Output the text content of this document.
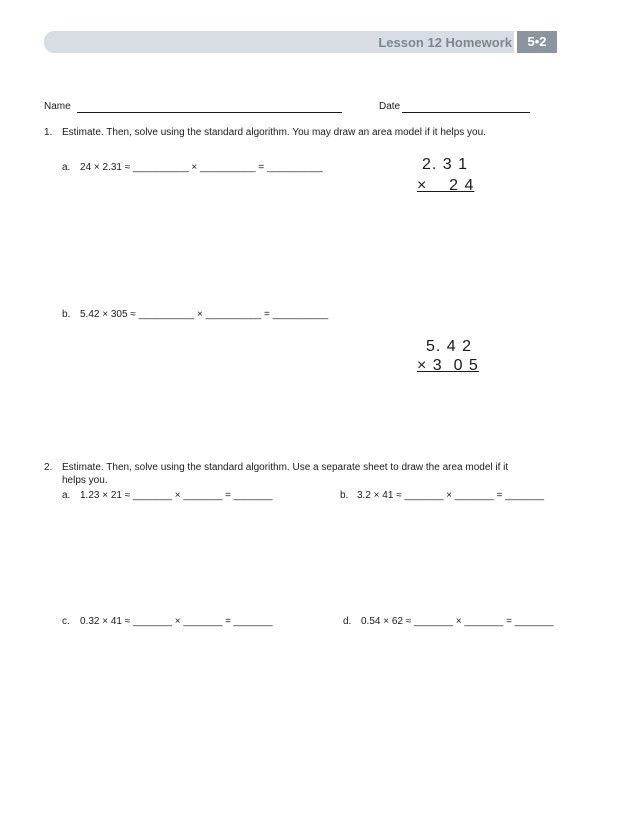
Lesson 12 Homework	5•2
Name	Date
1. Estimate. Then, solve using the standard algorithm. You may draw an area model if it helps you.
a. 24 × 2.31 ≈ __________ × __________ = __________	2. 3 1
×    2 4
b. 5.42 × 305 ≈ __________ × __________ = __________
5. 4 2
× 3  0 5
2. Estimate. Then, solve using the standard algorithm. Use a separate sheet to draw the area model if it
helps you.
a. 1.23 × 21 ≈ _______ × _______ = _______	b. 3.2 × 41 ≈ _______ × _______ = _______
c. 0.32 × 41 ≈ _______ × _______ = _______	d. 0.54 × 62 ≈ _______ × _______ = _______
